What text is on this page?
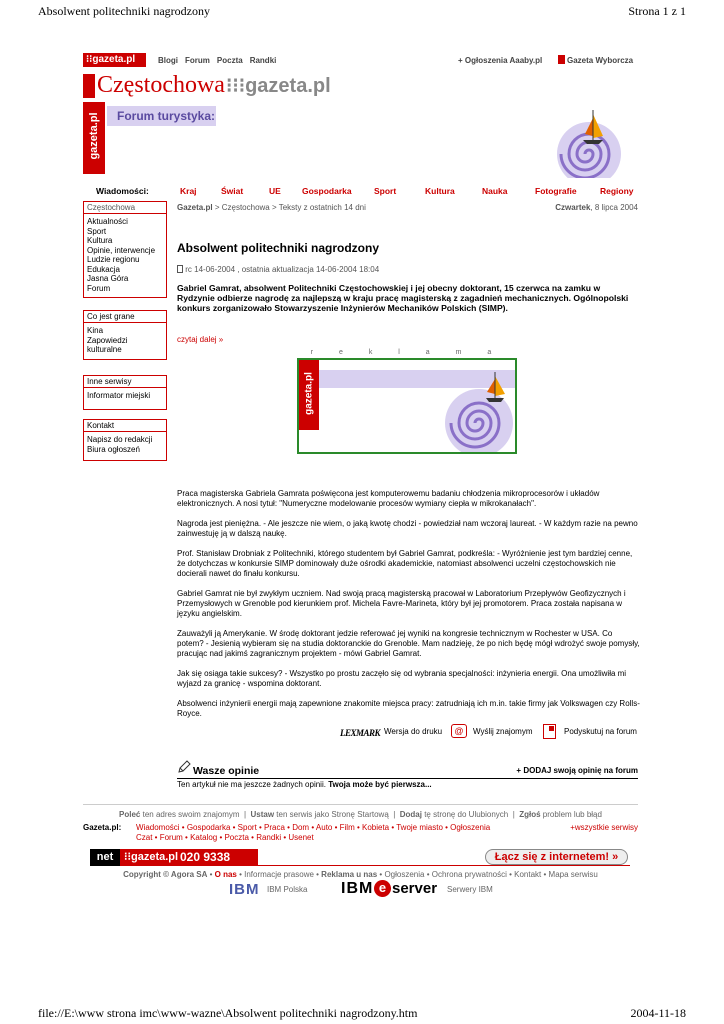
Absolwent politechniki nagrodzony	Strona 1 z 1
⁝⁝gazeta.pl	Blogi Forum Poczta Randki	+ Ogłoszenia Aaaby.pl	Gazeta Wyborcza
Częstochowa ⁝⁝⁝gazeta.pl
gazeta.pl Forum turystyka:
Wiadomości:	Kraj	Świat	UE Gospodarka	Sport	Kultura	Nauka	Fotografie	Regiony
Gazeta.pl > Częstochowa > Teksty z ostatnich 14 dni	Czwartek, 8 lipca 2004
Częstochowa
Aktualności
Sport
Kultura
Opinie, interwencje
Ludzie regionu
Edukacja
Jasna Góra
Forum
Co jest grane
Kina
Zapowiedzi
kulturalne
Inne serwisy
Informator miejski
Kontakt
Napisz do redakcji
Biura ogłoszeń
Absolwent politechniki nagrodzony
rc 14-06-2004 , ostatnia aktualizacja 14-06-2004 18:04
Gabriel Gamrat, absolwent Politechniki Częstochowskiej i jej obecny doktorant, 15 czerwca na zamku w Rydzynie odbierze nagrodę za najlepszą w kraju pracę magisterską z zagadnień mechanicznych. Ogólnopolski konkurs zorganizowało Stowarzyszenie Inżynierów Mechaników Polskich (SIMP).
czytaj dalej »
r e k l a m a
gazeta.pl

Praca magisterska Gabriela Gamrata poświęcona jest komputerowemu badaniu chłodzenia mikroprocesorów i układów elektronicznych. A nosi tytuł: "Numeryczne modelowanie procesów wymiany ciepła w mikrokanałach".

Nagroda jest pieniężna. - Ale jeszcze nie wiem, o jaką kwotę chodzi - powiedział nam wczoraj laureat. - W każdym razie na pewno zainwestuję ją w dalszą naukę.

Prof. Stanisław Drobniak z Politechniki, którego studentem był Gabriel Gamrat, podkreśla: - Wyróżnienie jest tym bardziej cenne, że dotychczas w konkursie SIMP dominowały duże ośrodki akademickie, natomiast absolwenci uczelni częstochowskich nie docierali nawet do finału konkursu.

Gabriel Gamrat nie był zwykłym uczniem. Nad swoją pracą magisterską pracował w Laboratorium Przepływów Geofizycznych i Przemysłowych w Grenoble pod kierunkiem prof. Michela Favre-Marineta, który był jej promotorem. Praca została napisana w języku angielskim.

Zauważyli ją Amerykanie. W środę doktorant jedzie referować jej wyniki na kongresie technicznym w Rochester w USA. Co potem? - Jesienią wybieram się na studia doktoranckie do Grenoble. Mam nadzieję, że po nich będę mógł wdrożyć swoje pomysły, pracując nad jakimś zagranicznym projektem - mówi Gabriel Gamrat.

Jak się osiąga takie sukcesy? - Wszystko po prostu zaczęło się od wybrania specjalności: inżynieria energii. Ona umożliwiła mi wyjazd za granicę - wspomina doktorant.

Absolwenci inżynierii energii mają zapewnione znakomite miejsca pracy: zatrudniają ich m.in. takie firmy jak Volkswagen czy Rolls-Royce.

LEXMARK Wersja do druku	@	Wyślij znajomym	Podyskutuj na forum
Wasze opinie	+ DODAJ swoją opinię na forum
Ten artykuł nie ma jeszcze żadnych opinii. Twoja może być pierwsza...
Poleć ten adres swoim znajomym  |  Ustaw ten serwis jako Stronę Startową  |  Dodaj tę stronę do Ulubionych  |  Zgłoś problem lub błąd
Gazeta.pl: Wiadomości • Gospodarka • Sport • Praca • Dom • Auto • Film • Kobieta • Twoje miasto • Ogłoszenia
Czat • Forum • Katalog • Poczta • Randki • Usenet
+wszystkie serwisy
net ⁝⁝gazeta.pl 020 9338	Łącz się z internetem! »
Copyright © Agora SA • O nas • Informacje prasowe • Reklama u nas • Ogłoszenia • Ochrona prywatności • Kontakt • Mapa serwisu
IBM IBM Polska IBM e server Serwery IBM
file://E:\www strona imc\www-wazne\Absolwent politechniki nagrodzony.htm	2004-11-18
